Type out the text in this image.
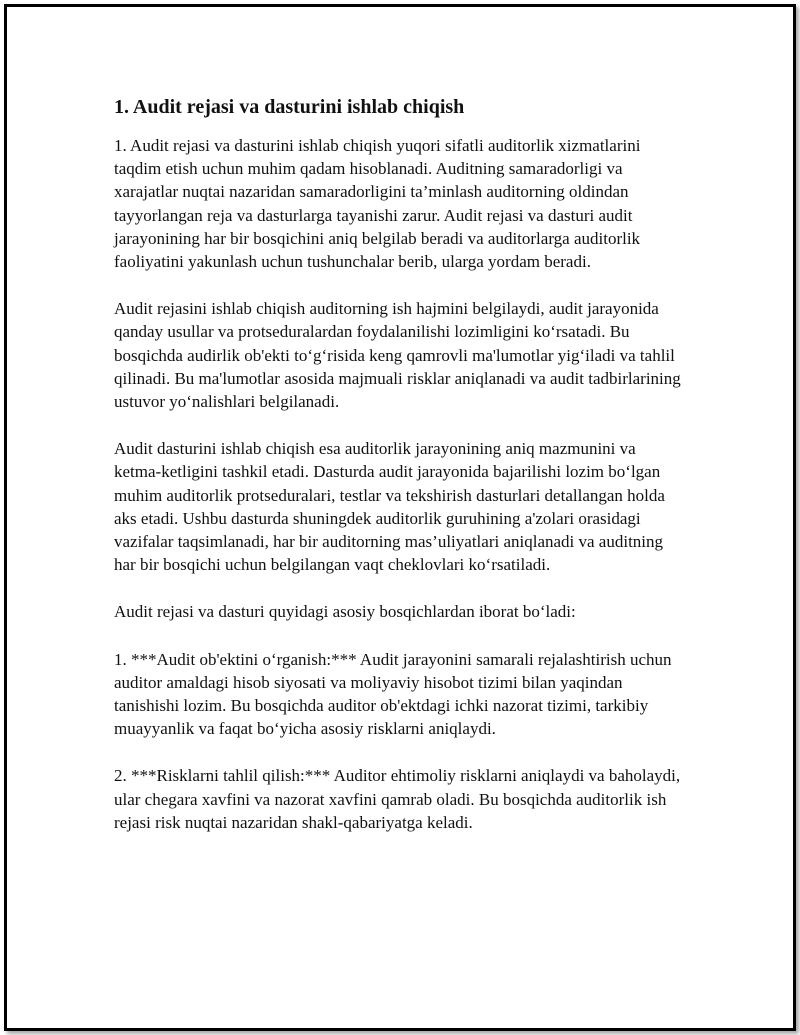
1. Audit rejasi va dasturini ishlab chiqish

1. Audit rejasi va dasturini ishlab chiqish yuqori sifatli auditorlik xizmatlarini taqdim etish uchun muhim qadam hisoblanadi. Auditning samaradorligi va xarajatlar nuqtai nazaridan samaradorligini ta’minlash auditorning oldindan tayyorlangan reja va dasturlarga tayanishi zarur. Audit rejasi va dasturi audit jarayonining har bir bosqichini aniq belgilab beradi va auditorlarga auditorlik faoliyatini yakunlash uchun tushunchalar berib, ularga yordam beradi.

Audit rejasini ishlab chiqish auditorning ish hajmini belgilaydi, audit jarayonida qanday usullar va protseduralardan foydalanilishi lozimligini ko‘rsatadi. Bu bosqichda audirlik ob'ekti to‘g‘risida keng qamrovli ma'lumotlar yig‘iladi va tahlil qilinadi. Bu ma'lumotlar asosida majmuali risklar aniqlanadi va audit tadbirlarining ustuvor yo‘nalishlari belgilanadi.

Audit dasturini ishlab chiqish esa auditorlik jarayonining aniq mazmunini va ketma-ketligini tashkil etadi. Dasturda audit jarayonida bajarilishi lozim bo‘lgan muhim auditorlik protseduralari, testlar va tekshirish dasturlari detallangan holda aks etadi. Ushbu dasturda shuningdek auditorlik guruhining a'zolari orasidagi vazifalar taqsimlanadi, har bir auditorning mas’uliyatlari aniqlanadi va auditning har bir bosqichi uchun belgilangan vaqt cheklovlari ko‘rsatiladi.

Audit rejasi va dasturi quyidagi asosiy bosqichlardan iborat bo‘ladi:

1. ***Audit ob'ektini o‘rganish:*** Audit jarayonini samarali rejalashtirish uchun auditor amaldagi hisob siyosati va moliyaviy hisobot tizimi bilan yaqindan tanishishi lozim. Bu bosqichda auditor ob'ektdagi ichki nazorat tizimi, tarkibiy muayyanlik va faqat bo‘yicha asosiy risklarni aniqlaydi.

2. ***Risklarni tahlil qilish:*** Auditor ehtimoliy risklarni aniqlaydi va baholaydi, ular chegara xavfini va nazorat xavfini qamrab oladi. Bu bosqichda auditorlik ish rejasi risk nuqtai nazaridan shakl-qabariyatga keladi.
